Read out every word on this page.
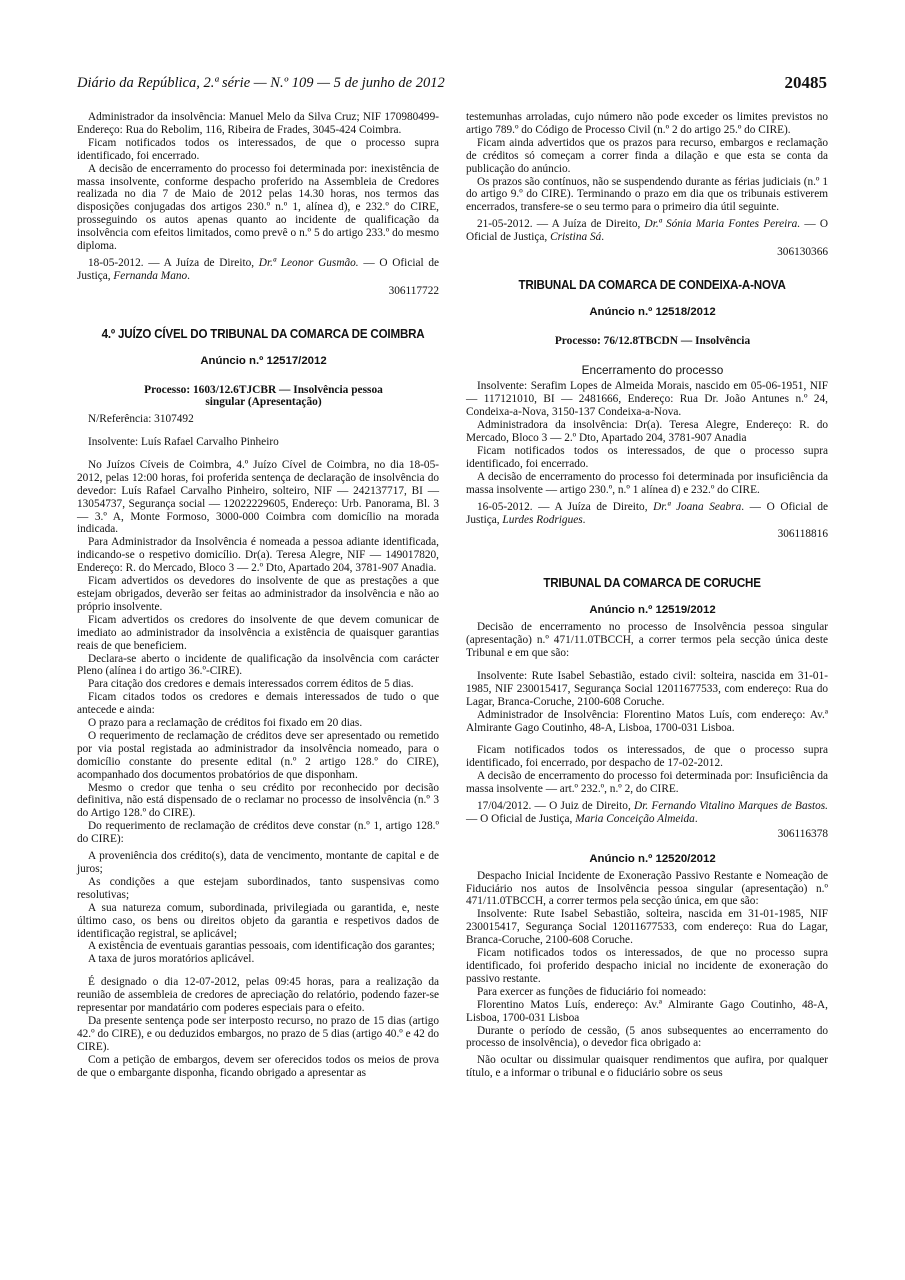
Diário da República, 2.ª série — N.º 109 — 5 de junho de 2012	20485

Administrador da insolvência: Manuel Melo da Silva Cruz; NIF 170980499- Endereço: Rua do Rebolim, 116, Ribeira de Frades, 3045-424 Coimbra.

Ficam notificados todos os interessados, de que o processo supra identificado, foi encerrado.

A decisão de encerramento do processo foi determinada por: inexistência de massa insolvente, conforme despacho proferido na Assembleia de Credores realizada no dia 7 de Maio de 2012 pelas 14.30 horas, nos termos das disposições conjugadas dos artigos 230.º n.º 1, alínea d), e 232.º do CIRE, prosseguindo os autos apenas quanto ao incidente de qualificação da insolvência com efeitos limitados, como prevê o n.º 5 do artigo 233.º do mesmo diploma.

18-05-2012. — A Juíza de Direito, Dr.ª Leonor Gusmão. — O Oficial de Justiça, Fernanda Mano.

306117722

4.º JUÍZO CÍVEL DO TRIBUNAL DA COMARCA DE COIMBRA

Anúncio n.º 12517/2012

Processo: 1603/12.6TJCBR — Insolvência pessoa

singular (Apresentação)

N/Referência: 3107492

Insolvente: Luís Rafael Carvalho Pinheiro

No Juízos Cíveis de Coimbra, 4.º Juízo Cível de Coimbra, no dia 18-05-2012, pelas 12:00 horas, foi proferida sentença de declaração de insolvência do devedor: Luís Rafael Carvalho Pinheiro, solteiro, NIF — 242137717, BI — 13054737, Segurança social — 12022229605, Endereço: Urb. Panorama, Bl. 3 — 3.º A, Monte Formoso, 3000-000 Coimbra com domicílio na morada indicada.

Para Administrador da Insolvência é nomeada a pessoa adiante identificada, indicando-se o respetivo domicílio. Dr(a). Teresa Alegre, NIF — 149017820, Endereço: R. do Mercado, Bloco 3 — 2.º Dto, Apartado 204, 3781-907 Anadia.

Ficam advertidos os devedores do insolvente de que as prestações a que estejam obrigados, deverão ser feitas ao administrador da insolvência e não ao próprio insolvente.

Ficam advertidos os credores do insolvente de que devem comunicar de imediato ao administrador da insolvência a existência de quaisquer garantias reais de que beneficiem.

Declara-se aberto o incidente de qualificação da insolvência com carácter Pleno (alínea i do artigo 36.º-CIRE).

Para citação dos credores e demais interessados correm éditos de 5 dias.

Ficam citados todos os credores e demais interessados de tudo o que antecede e ainda:

O prazo para a reclamação de créditos foi fixado em 20 dias.

O requerimento de reclamação de créditos deve ser apresentado ou remetido por via postal registada ao administrador da insolvência nomeado, para o domicílio constante do presente edital (n.º 2 artigo 128.º do CIRE), acompanhado dos documentos probatórios de que disponham.

Mesmo o credor que tenha o seu crédito por reconhecido por decisão definitiva, não está dispensado de o reclamar no processo de insolvência (n.º 3 do Artigo 128.º do CIRE).

Do requerimento de reclamação de créditos deve constar (n.º 1, artigo 128.º do CIRE):

A proveniência dos crédito(s), data de vencimento, montante de capital e de juros;

As condições a que estejam subordinados, tanto suspensivas como resolutivas;

A sua natureza comum, subordinada, privilegiada ou garantida, e, neste último caso, os bens ou direitos objeto da garantia e respetivos dados de identificação registral, se aplicável;

A existência de eventuais garantias pessoais, com identificação dos garantes;

A taxa de juros moratórios aplicável.

É designado o dia 12-07-2012, pelas 09:45 horas, para a realização da reunião de assembleia de credores de apreciação do relatório, podendo fazer-se representar por mandatário com poderes especiais para o efeito.

Da presente sentença pode ser interposto recurso, no prazo de 15 dias (artigo 42.º do CIRE), e ou deduzidos embargos, no prazo de 5 dias (artigo 40.º e 42 do CIRE).

Com a petição de embargos, devem ser oferecidos todos os meios de prova de que o embargante disponha, ficando obrigado a apresentar as

testemunhas arroladas, cujo número não pode exceder os limites previstos no artigo 789.º do Código de Processo Civil (n.º 2 do artigo 25.º do CIRE).

Ficam ainda advertidos que os prazos para recurso, embargos e reclamação de créditos só começam a correr finda a dilação e que esta se conta da publicação do anúncio.

Os prazos são contínuos, não se suspendendo durante as férias judiciais (n.º 1 do artigo 9.º do CIRE). Terminando o prazo em dia que os tribunais estiverem encerrados, transfere-se o seu termo para o primeiro dia útil seguinte.

21-05-2012. — A Juíza de Direito, Dr.ª Sónia Maria Fontes Pereira. — O Oficial de Justiça, Cristina Sá.

306130366

TRIBUNAL DA COMARCA DE CONDEIXA-A-NOVA

Anúncio n.º 12518/2012

Processo: 76/12.8TBCDN — Insolvência

Encerramento do processo

Insolvente: Serafim Lopes de Almeida Morais, nascido em 05-06-1951, NIF — 117121010, BI — 2481666, Endereço: Rua Dr. João Antunes n.º 24, Condeixa-a-Nova, 3150-137 Condeixa-a-Nova.

Administradora da insolvência: Dr(a). Teresa Alegre, Endereço: R. do Mercado, Bloco 3 — 2.º Dto, Apartado 204, 3781-907 Anadia

Ficam notificados todos os interessados, de que o processo supra identificado, foi encerrado.

A decisão de encerramento do processo foi determinada por insuficiência da massa insolvente — artigo 230.º, n.º 1 alínea d) e 232.º do CIRE.

16-05-2012. — A Juíza de Direito, Dr.ª Joana Seabra. — O Oficial de Justiça, Lurdes Rodrigues.

306118816

TRIBUNAL DA COMARCA DE CORUCHE

Anúncio n.º 12519/2012

Decisão de encerramento no processo de Insolvência pessoa singular (apresentação) n.º 471/11.0TBCCH, a correr termos pela secção única deste Tribunal e em que são:

Insolvente: Rute Isabel Sebastião, estado civil: solteira, nascida em 31-01-1985, NIF 230015417, Segurança Social 12011677533, com endereço: Rua do Lagar, Branca-Coruche, 2100-608 Coruche.

Administrador de Insolvência: Florentino Matos Luís, com endereço: Av.ª Almirante Gago Coutinho, 48-A, Lisboa, 1700-031 Lisboa.

Ficam notificados todos os interessados, de que o processo supra identificado, foi encerrado, por despacho de 17-02-2012.

A decisão de encerramento do processo foi determinada por: Insuficiência da massa insolvente — art.º 232.º, n.º 2, do CIRE.

17/04/2012. — O Juiz de Direito, Dr. Fernando Vitalino Marques de Bastos. — O Oficial de Justiça, Maria Conceição Almeida.

306116378

Anúncio n.º 12520/2012

Despacho Inicial Incidente de Exoneração Passivo Restante e Nomeação de Fiduciário nos autos de Insolvência pessoa singular (apresentação) n.º 471/11.0TBCCH, a correr termos pela secção única, em que são:

Insolvente: Rute Isabel Sebastião, solteira, nascida em 31-01-1985, NIF 230015417, Segurança Social 12011677533, com endereço: Rua do Lagar, Branca-Coruche, 2100-608 Coruche.

Ficam notificados todos os interessados, de que no processo supra identificado, foi proferido despacho inicial no incidente de exoneração do passivo restante.

Para exercer as funções de fiduciário foi nomeado:

Florentino Matos Luís, endereço: Av.ª Almirante Gago Coutinho, 48-A, Lisboa, 1700-031 Lisboa

Durante o período de cessão, (5 anos subsequentes ao encerramento do processo de insolvência), o devedor fica obrigado a:

Não ocultar ou dissimular quaisquer rendimentos que aufira, por qualquer título, e a informar o tribunal e o fiduciário sobre os seus
